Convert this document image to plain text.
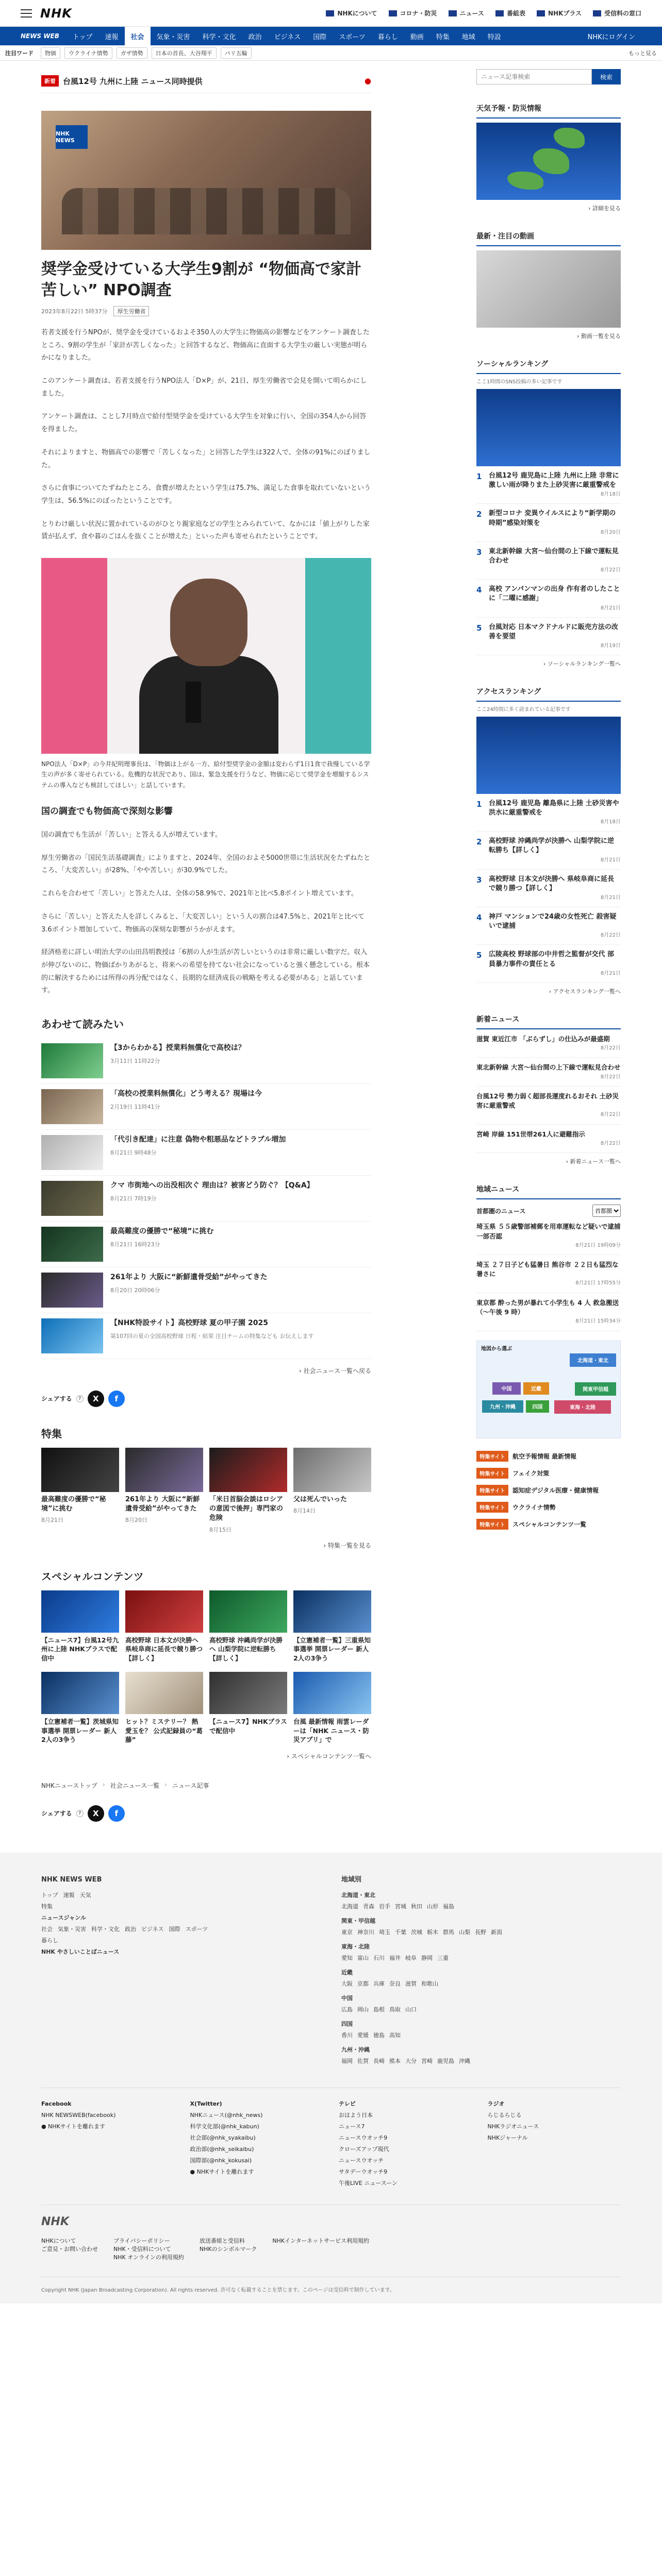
NHK	NHKについて	コロナ・防災	ニュース	番組表	NHKプラス	受信料の窓口
NEWS WEB	トップ	速報	社会	気象・災害	科学・文化	政治	ビジネス	国際	スポーツ	暮らし	動画	特集	地域	特設	NHKにログイン
注目ワード	物価	ウクライナ情勢	ガザ情勢	日本の首長、大谷翔平	パリ五輪	もっと見る
新着 台風12号 九州に上陸 ニュース同時提供	●
NHK NEWS
奨学金受けている大学生9割が “物価高で家計苦しい” NPO調査
2023年8月22日 5時37分	厚生労働省

若者支援を行うNPOが、奨学金を受けているおよそ350人の大学生に物価高の影響などをアンケート調査したところ、9割の学生が「家計が苦しくなった」と回答するなど、物価高に直面する大学生の厳しい実態が明らかになりました。

このアンケート調査は、若者支援を行うNPO法人「D×P」が、21日、厚生労働省で会見を開いて明らかにしました。

アンケート調査は、ことし7月時点で給付型奨学金を受けている大学生を対象に行い、全国の354人から回答を得ました。

それによりますと、物価高での影響で「苦しくなった」と回答した学生は322人で、全体の91%にのぼりました。

さらに食事についてたずねたところ、食費が増えたという学生は75.7%、満足した食事を取れていないという学生は、56.5%にのぼったということです。

とりわけ厳しい状況に置かれているのがひとり親家庭などの学生とみられていて、なかには「値上がりした家賃が払えず、食や暮のごはんを抜くことが増えた」といった声も寄せられたということです。

NPO法人「D×P」の今井紀明理事長は、「物価は上がる一方、給付型奨学金の金額は変わらず1日1食で我慢している学生の声が多く寄せられている。危機的な状況であり、国は、緊急支援を行うなど、物価に応じて奨学金を増額するシステムの導入なども検討してほしい」と話しています。

国の調査でも物価高で深刻な影響

国の調査でも生活が「苦しい」と答える人が増えています。

厚生労働省の「国民生活基礎調査」によりますと、2024年、全国のおよそ5000世帯に生活状況をたずねたところ、「大変苦しい」が28%、「やや苦しい」が30.9%でした。

これらを合わせて「苦しい」と答えた人は、全体の58.9%で、2021年と比べ5.8ポイント増えています。

さらに「苦しい」と答えた人を詳しくみると、「大変苦しい」という人の割合は47.5%と、2021年と比べて3.6ポイント増加していて、物価高の深刻な影響がうかがえます。

経済格差に詳しい明治大学の山田昌明教授は「6割の人が生活が苦しいというのは非常に厳しい数字だ。収入が伸びないのに、物価ばかりあがると、将来への希望を持てない社会になっていると強く懸念している。根本的に解決するためには所得の再分配ではなく、長期的な経済成長の戦略を考える必要がある」と話しています。

あわせて読みたい
【3からわかる】授業料無償化で高校は？
3月11日 11時22分
「高校の授業料無償化」どう考える？現場は今
2月19日 11時41分
「代引き配達」に注意 偽物や粗悪品などトラブル増加
8月21日 9時48分
クマ 市街地への出没相次ぐ 理由は？被害どう防ぐ？【Q&A】
8月21日 7時19分
最高難度の優勝で“秘境”に挑む
8月21日 16時23分
261年より 大阪に“新鮮遺骨受給”がやってきた
8月20日 20時06分
【NHK特設サイト】高校野球 夏の甲子園 2025
第107回の夏の全国高校野球 日程・結果 注目チームの特集なども お伝えします
› 社会ニュース一覧へ戻る
シェアする	?	X	f
特集
最高難度の優勝で“秘境”に挑む
8月21日
261年より 大阪に“新鮮遺骨受給”がやってきた
8月20日
「米日首脳会談はロシアの意図で後押」専門家の危険
8月15日
父は死んでいった
8月14日
› 特集一覧を見る
スペシャルコンテンツ
【ニュース7】台風12号九州に上陸 NHKプラスで配信中
高校野球 日本文が決勝へ 県岐阜商に延長で競り勝つ【詳しく】
高校野球 沖縄尚学が決勝へ 山梨学院に逆転勝ち【詳しく】
【立憲補者一覧】三重県知事選挙 開票レーダー 新人2人の3争う
【立憲補者一覧】茨城県知事選挙 開票レーダー 新人2人の3争う
ヒット？ミステリー？ 熱愛玉を？ 公式記録員の“葛藤”
【ニュース7】NHKプラスで配信中
台風 最新情報 雨雲レーダーは「NHK ニュース・防災アプリ」で
› スペシャルコンテンツ一覧へ
NHKニューストップ › 社会ニュース一覧 › ニュース記事
シェアする	?	X	f
ニュース記事検索
検索
天気予報・防災情報
› 詳細を見る
最新・注目の動画
› 動画一覧を見る
ソーシャルランキング
ここ1時間のSNS投稿の多い記事です
1	台風12号 鹿児島に上陸 九州に上陸 非常に激しい雨が降りまた上砂災害に厳重警戒を
8月18日
2	新型コロナ 変異ウイルスにより“新学期の時期”感染対策を
8月20日
3	東北新幹線 大宮〜仙台間の上下線で運転見合わせ
8月22日
4	高校 アンパンマンの出身 作有者のしたことに「二曜に感謝」
8月21日
5	台風対応 日本マクドナルドに販売方法の改善を要望
8月19日
› ソーシャルランキング一覧へ
アクセスランキング
ここ24時間に多く読まれている記事です
1	台風12号 鹿児島 離島県に上陸 土砂災害や洪水に厳重警戒を
8月18日
2	高校野球 沖縄尚学が決勝へ 山梨学院に逆転勝ち【詳しく】
8月21日
3	高校野球 日本文が決勝へ 県岐阜商に延長で競り勝つ【詳しく】
8月21日
4	神戸 マンションで24歳の女性死亡 殺害疑いで逮捕
8月22日
5	広陵高校 野球部の中井哲之監督が交代 部員暴力事件の責任とる
8月21日
› アクセスランキング一覧へ
新着ニュース
滋賀 東近江市 「ぶらずし」の仕込みが最盛期
8月22日
東北新幹線 大宮〜仙台間の上下線で運転見合わせ
8月22日
台風12号 勢力弱く超部長運度れるおそれ 土砂災害に厳重警戒
8月22日
宮崎 岸線 151世帯261人に避難指示
8月22日
› 新着ニュース一覧へ
地域ニュース
首都圏のニュース
首都圏
埼玉県 ５５歳警部補郵を用車運転など疑いで逮捕 一部否認
8月21日 19時09分
埼玉 ２７日子ども猛暑日 熊谷市 ２２日も猛烈な暑さに
8月21日 17時55分
東京都 酔った男が暴れて小学生も 4 人 救急搬送（〜午後 9 時）
8月21日 15時34分
地図から選ぶ
北海道・東北
関東甲信越
中国	近畿
東海・北陸
九州・沖縄	四国
特集サイト	航空予報情報 最新情報
特集サイト	フェイク対策
特集サイト	認知症デジタル医療・健康情報
特集サイト	ウクライナ情勢
特集サイト	スペシャルコンテンツ一覧
NHK NEWS WEB
トップ 速報 天気
特集
ニュースジャンル
社会 気象・災害 科学・文化 政治 ビジネス 国際 スポーツ
暮らし
NHK やさしいことばニュース
地域別
北海道・東北
北海道 青森 岩手 宮城 秋田 山形 福島
関東・甲信越
東京 神奈川 埼玉 千葉 茨城 栃木 群馬 山梨 長野 新潟
東海・北陸
愛知 富山 石川 福井 岐阜 静岡 三重
近畿
大阪 京都 兵庫 奈良 滋賀 和歌山
中国
広島 岡山 島根 鳥取 山口
四国
香川 愛媛 徳島 高知
九州・沖縄
福岡 佐賀 長崎 熊本 大分 宮崎 鹿児島 沖縄
Facebook
NHK NEWSWEB(facebook)
● NHKサイトを離れます
X(Twitter)
NHKニュース(@nhk_news)
科学文化部(@nhk_kabun)
社会部(@nhk_syakaibu)
政治部(@nhk_seikaibu)
国際部(@nhk_kokusai)
● NHKサイトを離れます
テレビ
おはよう日本
ニュース7
ニュースウオッチ9
クローズアップ現代
ニュースウオッチ
サタデーウオッチ9
午後LIVE ニュースーン
ラジオ
らじるらじる
NHKラジオニュース
NHKジャーナル
NHK
NHKについて
ご意見・お問い合わせ
プライバシーポリシー
NHK・受信料について
NHK オンラインの利用規約
放送番組と受信料
NHKのシンボルマーク
NHKインターネットサービス利用規約
Copyright NHK (Japan Broadcasting Corporation). All rights reserved. 許可なく転載することを禁じます。このページは受信料で制作しています。
